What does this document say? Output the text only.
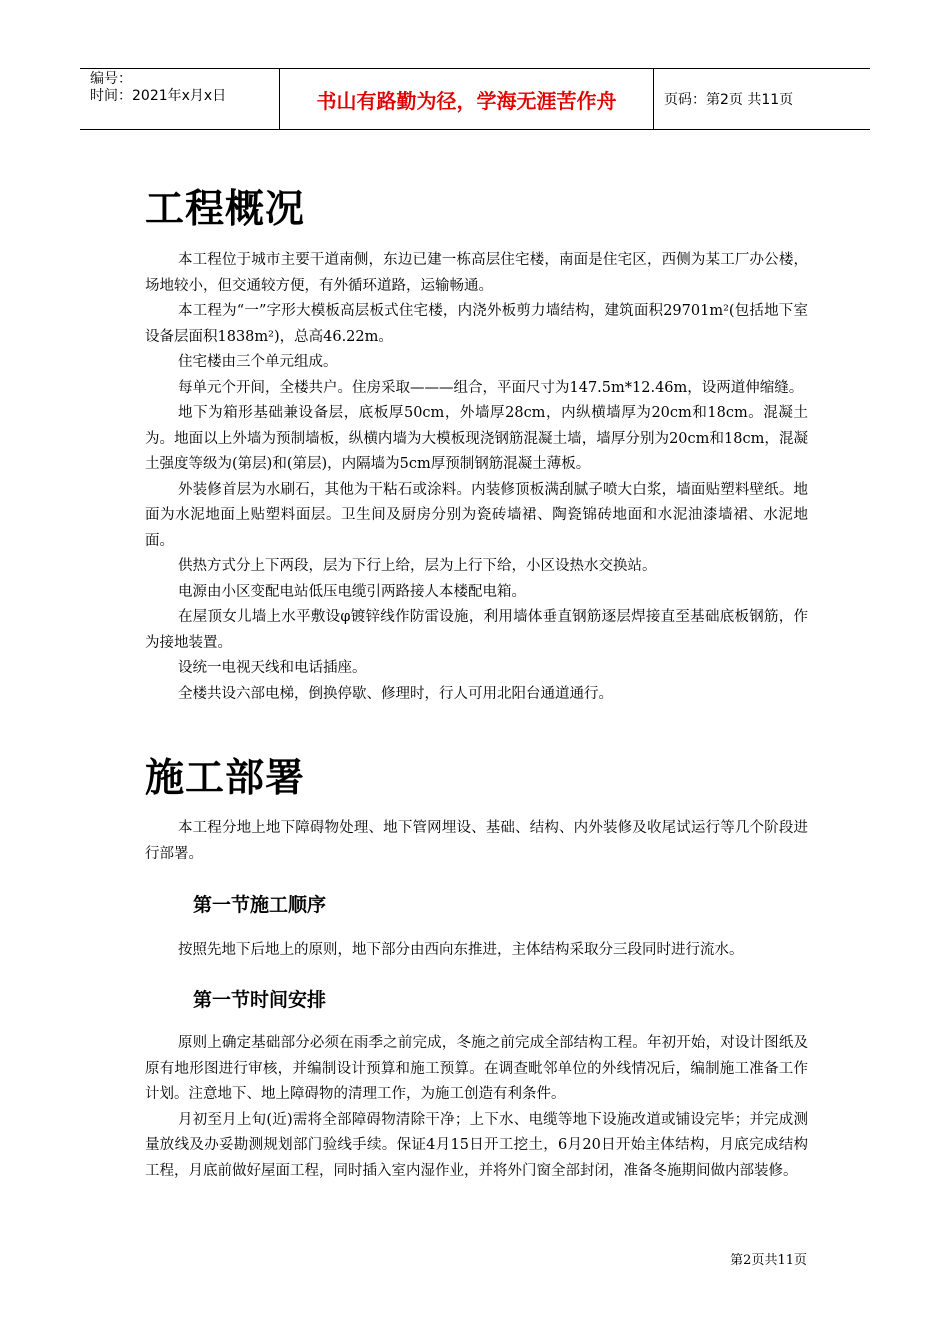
编号：
时间：2021年x月x日	书山有路勤为径，学海无涯苦作舟	页码：第2页 共11页
工程概况

本工程位于城市主要干道南侧，东边已建一栋高层住宅楼，南面是住宅区，西侧为某工厂办公楼，场地较小，但交通较方便，有外循环道路，运输畅通。

本工程为“一”字形大模板高层板式住宅楼，内浇外板剪力墙结构，建筑面积29701m²(包括地下室设备层面积1838m²)，总高46.22m。

住宅楼由三个单元组成。

每单元个开间，全楼共户。住房采取———组合，平面尺寸为147.5m*12.46m，设两道伸缩缝。

地下为箱形基础兼设备层，底板厚50cm，外墙厚28cm，内纵横墙厚为20cm和18cm。混凝土为。地面以上外墙为预制墙板，纵横内墙为大模板现浇钢筋混凝土墙，墙厚分别为20cm和18cm，混凝土强度等级为(第层)和(第层)，内隔墙为5cm厚预制钢筋混凝土薄板。

外装修首层为水刷石，其他为干粘石或涂料。内装修顶板满刮腻子喷大白浆，墙面贴塑料壁纸。地面为水泥地面上贴塑料面层。卫生间及厨房分别为瓷砖墙裙、陶瓷锦砖地面和水泥油漆墙裙、水泥地面。

供热方式分上下两段，层为下行上给，层为上行下给，小区设热水交换站。

电源由小区变配电站低压电缆引两路接人本楼配电箱。

在屋顶女儿墙上水平敷设φ镀锌线作防雷设施，利用墙体垂直钢筋逐层焊接直至基础底板钢筋，作为接地装置。

设统一电视天线和电话插座。

全楼共设六部电梯，倒换停歇、修理时，行人可用北阳台通道通行。

施工部署

本工程分地上地下障碍物处理、地下管网埋设、基础、结构、内外装修及收尾试运行等几个阶段进行部署。

第一节施工顺序

按照先地下后地上的原则，地下部分由西向东推进，主体结构采取分三段同时进行流水。

第一节时间安排

原则上确定基础部分必须在雨季之前完成，冬施之前完成全部结构工程。年初开始，对设计图纸及原有地形图进行审核，并编制设计预算和施工预算。在调查毗邻单位的外线情况后，编制施工准备工作计划。注意地下、地上障碍物的清理工作，为施工创造有利条件。

月初至月上旬(近)需将全部障碍物清除干净；上下水、电缆等地下设施改道或铺设完毕；并完成测量放线及办妥勘测规划部门验线手续。保证4月15日开工挖土，6月20日开始主体结构，月底完成结构工程，月底前做好屋面工程，同时插入室内湿作业，并将外门窗全部封闭，准备冬施期间做内部装修。

第2页共11页
